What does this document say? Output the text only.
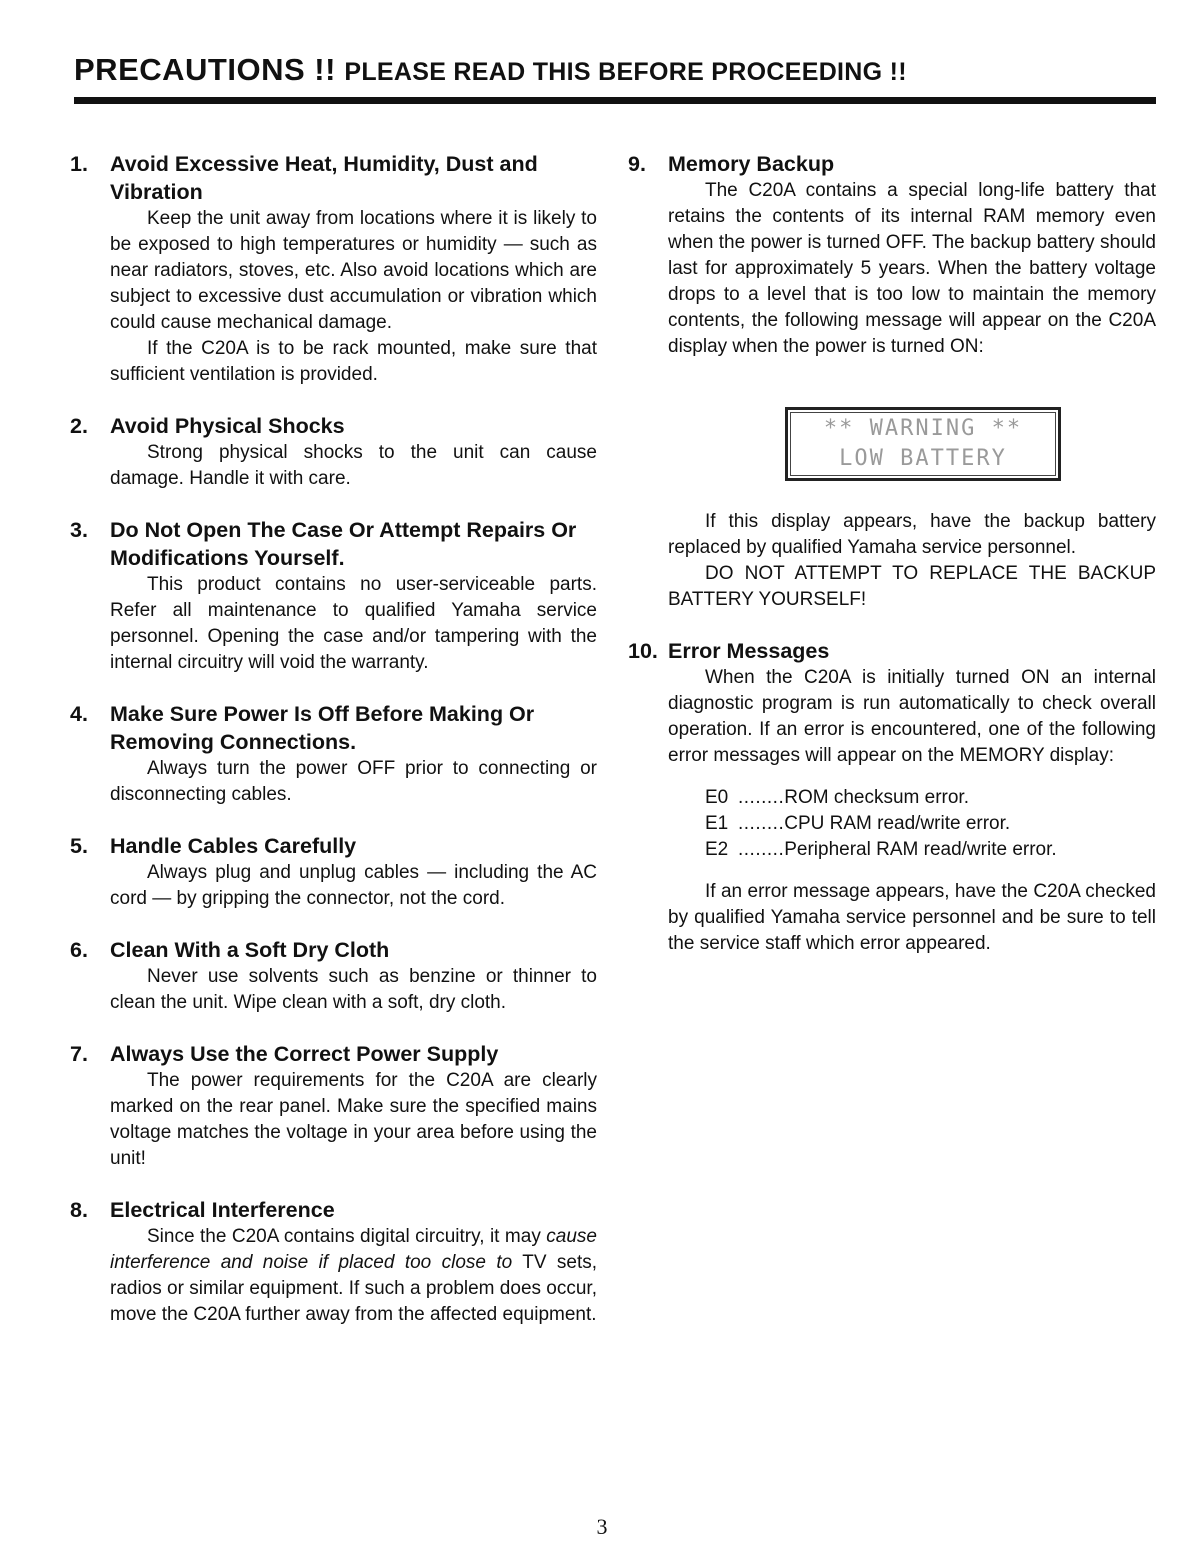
PRECAUTIONS !! PLEASE READ THIS BEFORE PROCEEDING !!
1.	Avoid Excessive Heat, Humidity, Dust and Vibration

Keep the unit away from locations where it is likely to be exposed to high temperatures or humidity — such as near radiators, stoves, etc. Also avoid locations which are subject to excessive dust accumulation or vibration which could cause mechanical damage.

If the C20A is to be rack mounted, make sure that sufficient ventilation is provided.

2.	Avoid Physical Shocks

Strong physical shocks to the unit can cause damage. Handle it with care.

3.	Do Not Open The Case Or Attempt Repairs Or Modifications Yourself.

This product contains no user-serviceable parts. Refer all maintenance to qualified Yamaha service personnel. Opening the case and/or tampering with the internal circuitry will void the warranty.

4.	Make Sure Power Is Off Before Making Or Removing Connections.

Always turn the power OFF prior to connecting or disconnecting cables.

5.	Handle Cables Carefully

Always plug and unplug cables — including the AC cord — by gripping the connector, not the cord.

6.	Clean With a Soft Dry Cloth

Never use solvents such as benzine or thinner to clean the unit. Wipe clean with a soft, dry cloth.

7.	Always Use the Correct Power Supply

The power requirements for the C20A are clearly marked on the rear panel. Make sure the specified mains voltage matches the voltage in your area before using the unit!

8.	Electrical Interference

Since the C20A contains digital circuitry, it may cause interference and noise if placed too close to TV sets, radios or similar equipment. If such a problem does occur, move the C20A further away from the affected equipment.

9.	Memory Backup

The C20A contains a special long-life battery that retains the contents of its internal RAM memory even when the power is turned OFF. The backup battery should last for approximately 5 years. When the battery voltage drops to a level that is too low to maintain the memory contents, the following message will appear on the C20A display when the power is turned ON:

** WARNING **
LOW BATTERY

If this display appears, have the backup battery replaced by qualified Yamaha service personnel.

DO NOT ATTEMPT TO REPLACE THE BACKUP BATTERY YOURSELF!

10. Error Messages

When the C20A is initially turned ON an internal diagnostic program is run automatically to check overall operation. If an error is encountered, one of the following error messages will appear on the MEMORY display:

E0 ........ ROM checksum error.
E1 ........ CPU RAM read/write error.
E2 ........ Peripheral RAM read/write error.

If an error message appears, have the C20A checked by qualified Yamaha service personnel and be sure to tell the service staff which error appeared.

3
